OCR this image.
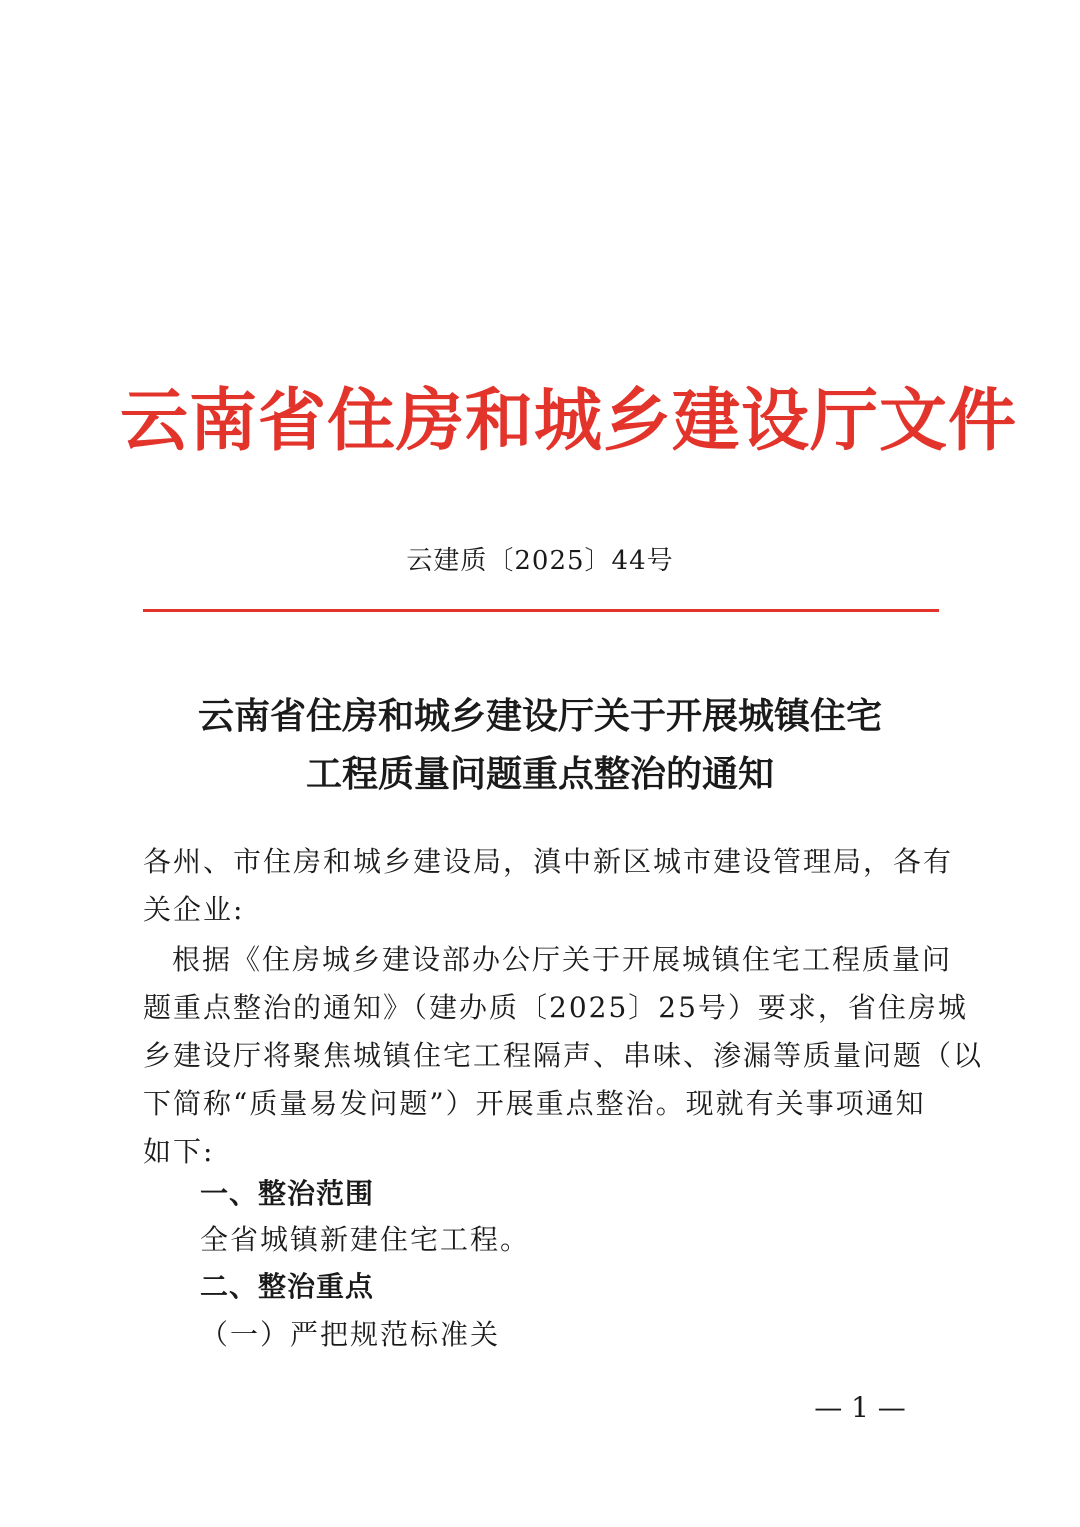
云南省住房和城乡建设厅文件
云建质〔2025〕44号
云南省住房和城乡建设厅关于开展城镇住宅
工程质量问题重点整治的通知
各州、市住房和城乡建设局，滇中新区城市建设管理局，各有
关企业:
根据《住房城乡建设部办公厅关于开展城镇住宅工程质量问
题重点整治的通知》（建办质〔2025〕25号）要求，省住房城
乡建设厅将聚焦城镇住宅工程隔声、串味、渗漏等质量问题（以
下简称“质量易发问题”）开展重点整治。现就有关事项通知
如下:
一、整治范围
全省城镇新建住宅工程。
二、整治重点
（一）严把规范标准关
— 1 —
